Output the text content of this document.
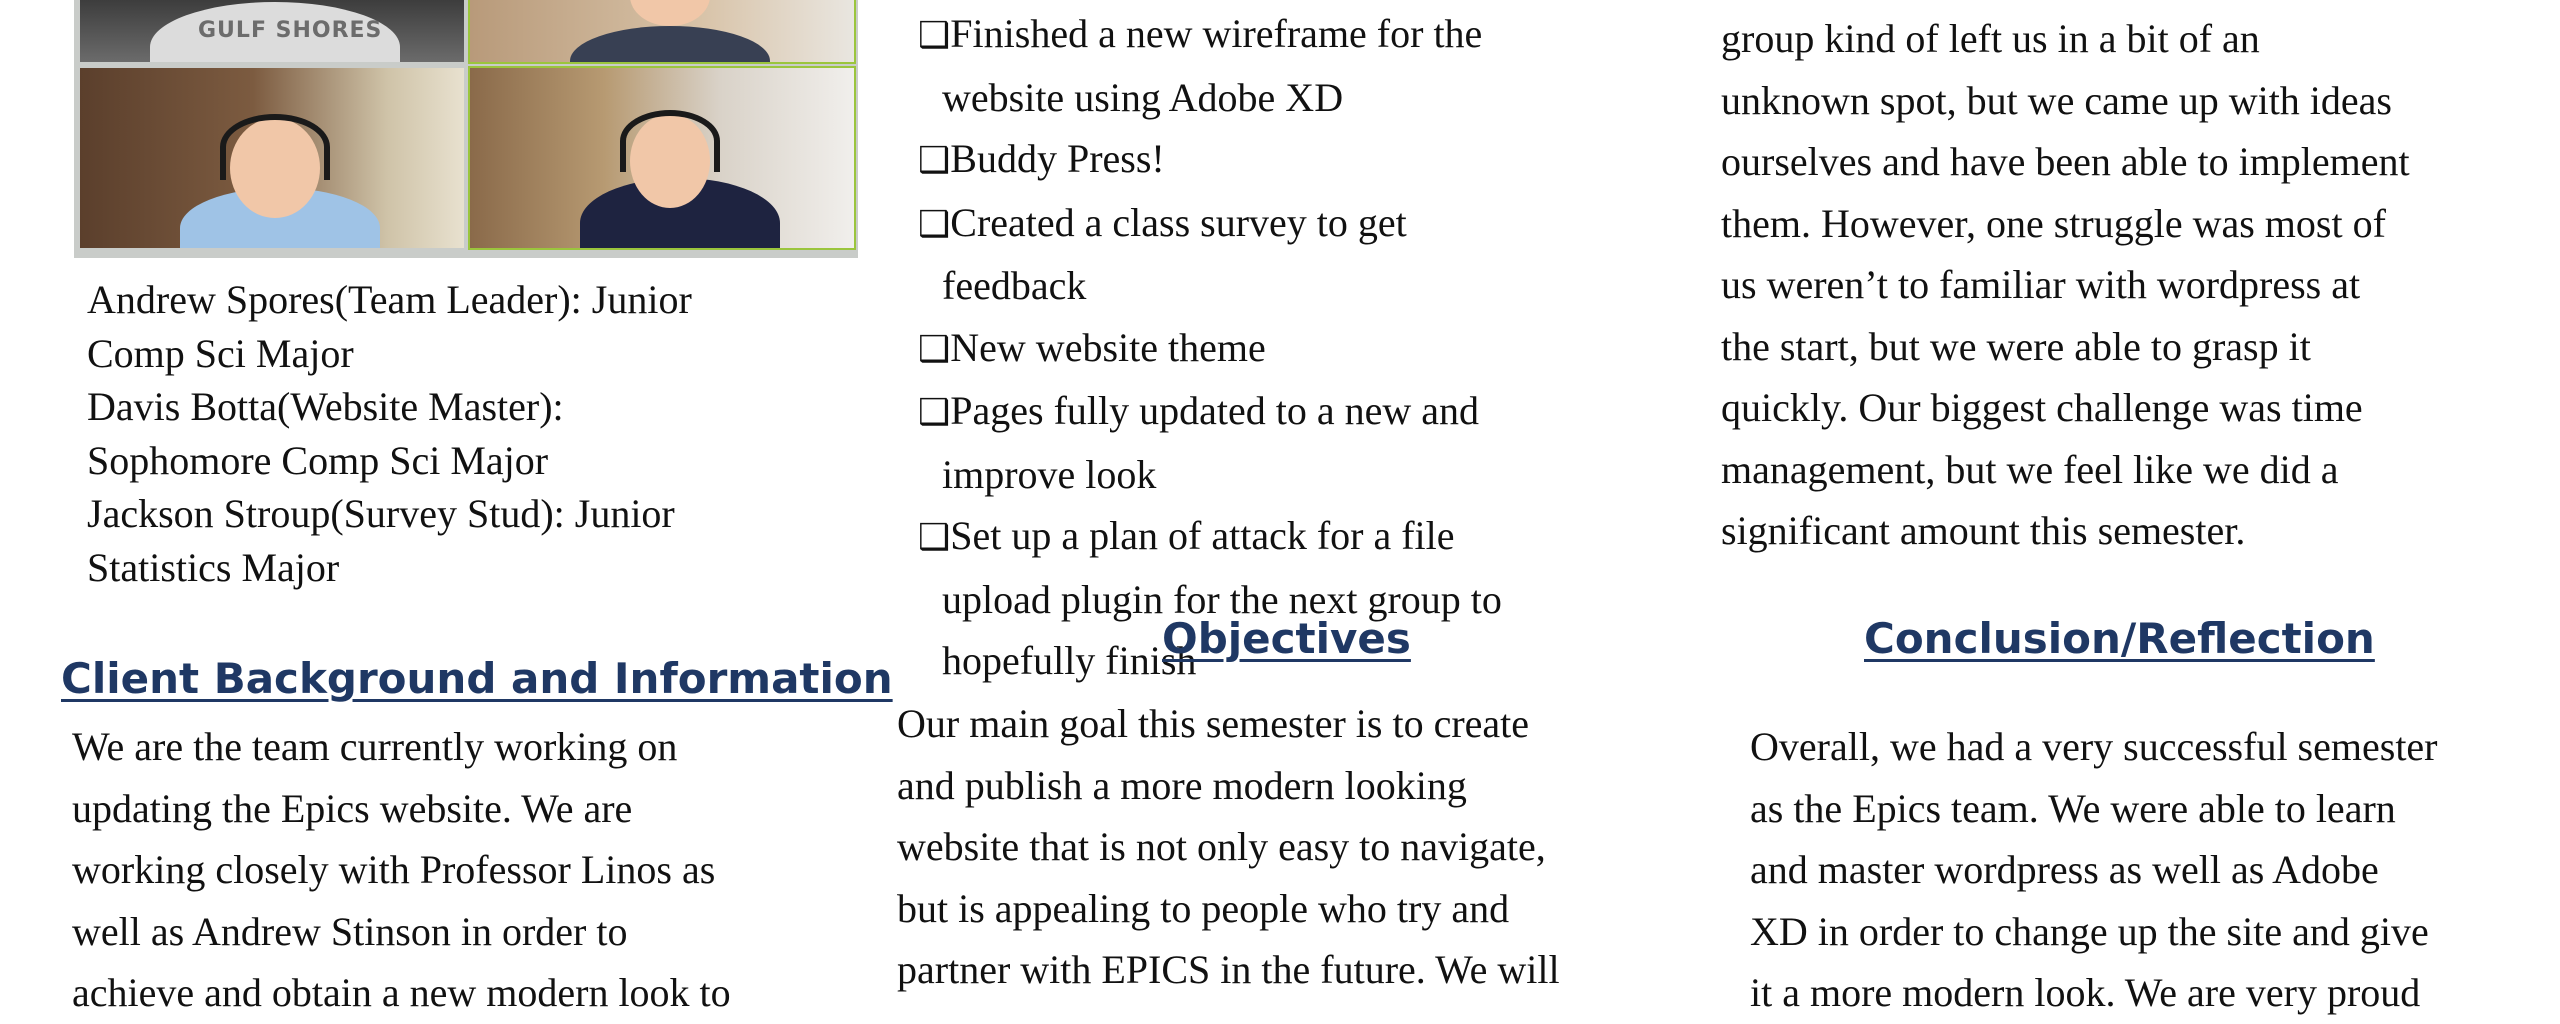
GULF SHORES

Andrew Spores(Team Leader): Junior

Comp Sci Major

Davis Botta(Website Master):

Sophomore Comp Sci Major

Jackson Stroup(Survey Stud): Junior

Statistics Major

Client Background and Information

We are the team currently working on

updating the Epics website. We are

working closely with Professor Linos as

well as Andrew Stinson in order to

achieve and obtain a new modern look to

❑Finished a new wireframe for the

website using Adobe XD

❑Buddy Press!

❑Created a class survey to get

feedback

❑New website theme

❑Pages fully updated to a new and

improve look

❑Set up a plan of attack for a file

upload plugin for the next group to

hopefully finish

Objectives

Our main goal this semester is to create

and publish a more modern looking

website that is not only easy to navigate,

but is appealing to people who try and

partner with EPICS in the future. We will

group kind of left us in a bit of an

unknown spot, but we came up with ideas

ourselves and have been able to implement

them. However, one struggle was most of

us weren’t to familiar with wordpress at

the start, but we were able to grasp it

quickly. Our biggest challenge was time

management, but we feel like we did a

significant amount this semester.

Conclusion/Reflection

Overall, we had a very successful semester

as the Epics team. We were able to learn

and master wordpress as well as Adobe

XD in order to change up the site and give

it a more modern look. We are very proud
